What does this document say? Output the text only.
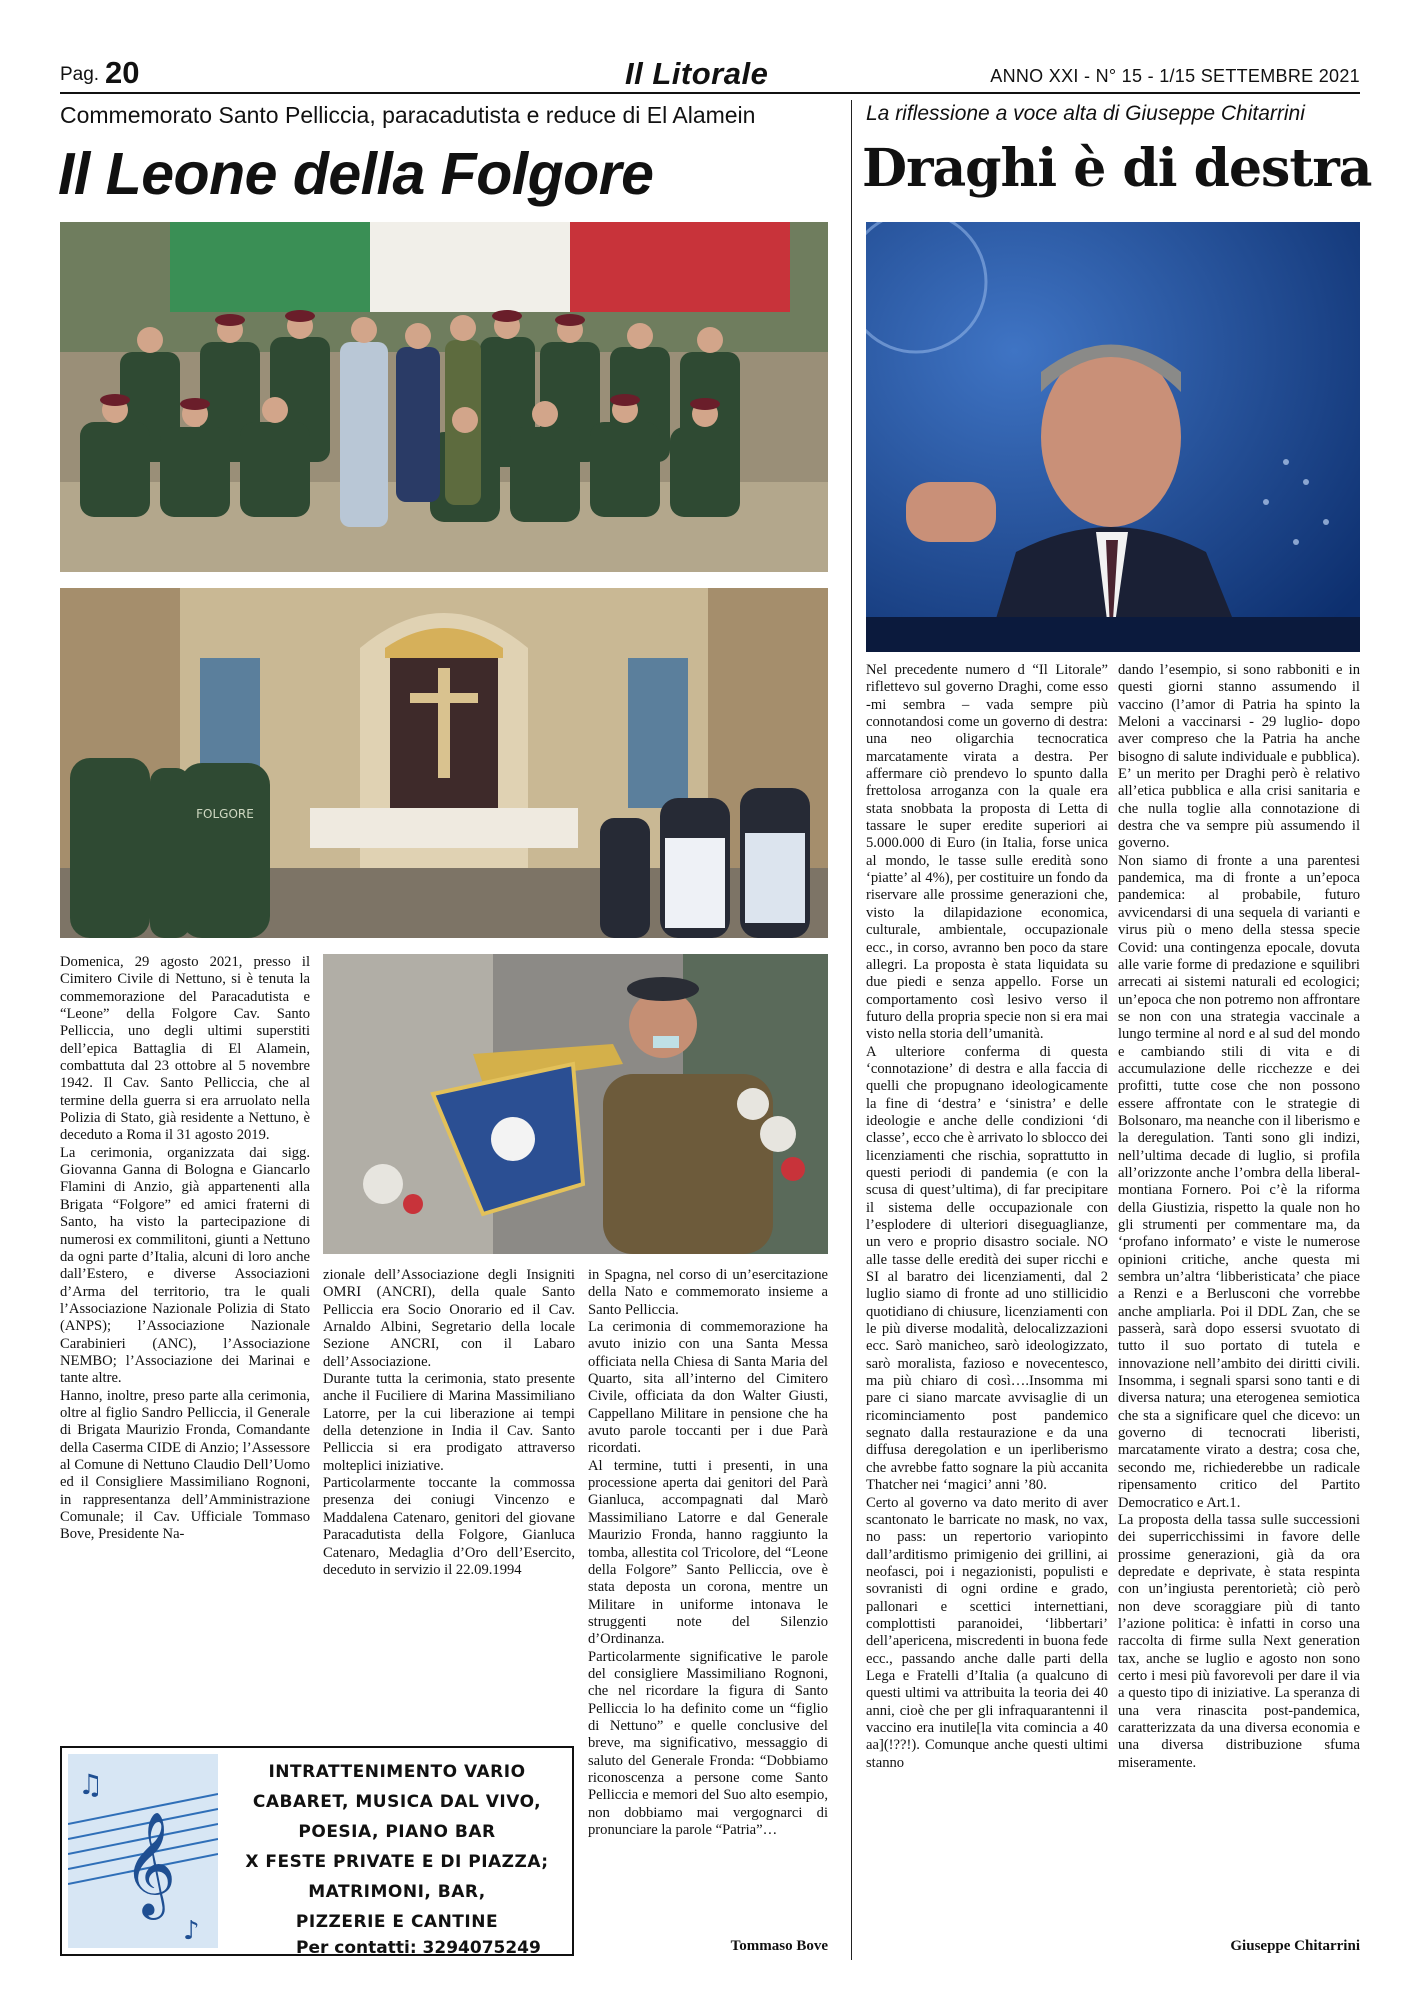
Pag. 20	Il Litorale	ANNO XXI - N° 15 - 1/15 SETTEMBRE 2021
Commemorato Santo Pelliccia, paracadutista e reduce di El Alamein
Il Leone della Folgore
FOLGORE

Domenica, 29 agosto 2021, presso il Cimitero Civile di Nettuno, si è tenuta la commemorazione del Paracadutista e “Leone” della Folgore Cav. Santo Pelliccia, uno degli ultimi superstiti dell’epica Battaglia di El Alamein, combattuta dal 23 ottobre al 5 novembre 1942. Il Cav. Santo Pelliccia, che al termine della guerra si era arruolato nella Polizia di Stato, già residente a Nettuno, è deceduto a Roma il 31 agosto 2019.

La cerimonia, organizzata dai sigg. Giovanna Ganna di Bologna e Giancarlo Flamini di Anzio, già appartenenti alla Brigata “Folgore” ed amici fraterni di Santo, ha visto la partecipazione di numerosi ex commilitoni, giunti a Nettuno da ogni parte d’Italia, alcuni di loro anche dall’Estero, e diverse Associazioni d’Arma del territorio, tra le quali l’Associazione Nazionale Polizia di Stato (ANPS); l’Associazione Nazionale Carabinieri (ANC), l’Associazione NEMBO; l’Associazione dei Marinai e tante altre.

Hanno, inoltre, preso parte alla cerimonia, oltre al figlio Sandro Pelliccia, il Generale di Brigata Maurizio Fronda, Comandante della Caserma CIDE di Anzio; l’Assessore al Comune di Nettuno Claudio Dell’Uomo ed il Consigliere Massimiliano Rognoni, in rappresentanza dell’Amministrazione Comunale; il Cav. Ufficiale Tommaso Bove, Presidente Na-

zionale dell’Associazione degli Insigniti OMRI (ANCRI), della quale Santo Pelliccia era Socio Onorario ed il Cav. Arnaldo Albini, Segretario della locale Sezione ANCRI, con il Labaro dell’Associazione.

Durante tutta la cerimonia, stato presente anche il Fuciliere di Marina Massimiliano Latorre, per la cui liberazione ai tempi della detenzione in India il Cav. Santo Pelliccia si era prodigato attraverso molteplici iniziative.

Particolarmente toccante la commossa presenza dei coniugi Vincenzo e Maddalena Catenaro, genitori del giovane Paracadutista della Folgore, Gianluca Catenaro, Medaglia d’Oro dell’Esercito, deceduto in servizio il 22.09.1994

in Spagna, nel corso di un’esercitazione della Nato e commemorato insieme a Santo Pelliccia.

La cerimonia di commemorazione ha avuto inizio con una Santa Messa officiata nella Chiesa di Santa Maria del Quarto, sita all’interno del Cimitero Civile, officiata da don Walter Giusti, Cappellano Militare in pensione che ha avuto parole toccanti per i due Parà ricordati.

Al termine, tutti i presenti, in una processione aperta dai genitori del Parà Gianluca, accompagnati dal Marò Massimiliano Latorre e dal Generale Maurizio Fronda, hanno raggiunto la tomba, allestita col Tricolore, del “Leone della Folgore” Santo Pelliccia, ove è stata deposta un corona, mentre un Militare in uniforme intonava le struggenti note del Silenzio d’Ordinanza.

Particolarmente significative le parole del consigliere Massimiliano Rognoni, che nel ricordare la figura di Santo Pelliccia lo ha definito come un “figlio di Nettuno” e quelle conclusive del breve, ma significativo, messaggio di saluto del Generale Fronda: “Dobbiamo riconoscenza a persone come Santo Pelliccia e memori del Suo alto esempio, non dobbiamo mai vergognarci di pronunciare la parole “Patria”…

Tommaso Bove
𝄞
♫
♪
INTRATTENIMENTO VARIO
CABARET, MUSICA DAL VIVO,
POESIA, PIANO BAR
X FESTE PRIVATE E DI PIAZZA;
MATRIMONI, BAR,
PIZZERIE E CANTINE
Per contatti: 3294075249
La riflessione a voce alta di Giuseppe Chitarrini
Draghi è di destra

Nel precedente numero d “Il Litorale” riflettevo sul governo Draghi, come esso -mi sembra – vada sempre più connotandosi come un governo di destra: una neo oligarchia tecnocratica marcatamente virata a destra. Per affermare ciò prendevo lo spunto dalla frettolosa arroganza con la quale era stata snobbata la proposta di Letta di tassare le super eredite superiori ai 5.000.000 di Euro (in Italia, forse unica al mondo, le tasse sulle eredità sono ‘piatte’ al 4%), per costituire un fondo da riservare alle prossime generazioni che, visto la dilapidazione economica, culturale, ambientale, occupazionale ecc., in corso, avranno ben poco da stare allegri. La proposta è stata liquidata su due piedi e senza appello. Forse un comportamento così lesivo verso il futuro della propria specie non si era mai visto nella storia dell’umanità.

A ulteriore conferma di questa ‘connotazione’ di destra e alla faccia di quelli che propugnano ideologicamente la fine di ‘destra’ e ‘sinistra’ e delle ideologie e anche delle condizioni ‘di classe’, ecco che è arrivato lo sblocco dei licenziamenti che rischia, soprattutto in questi periodi di pandemia (e con la scusa di quest’ultima), di far precipitare il sistema delle occupazionale con l’esplodere di ulteriori diseguaglianze, un vero e proprio disastro sociale. NO alle tasse delle eredità dei super ricchi e SI al baratro dei licenziamenti, dal 2 luglio siamo di fronte ad uno stillicidio quotidiano di chiusure, licenziamenti con le più diverse modalità, delocalizzazioni ecc. Sarò manicheo, sarò ideologizzato, sarò moralista, fazioso e novecentesco, ma più chiaro di così….Insomma mi pare ci siano marcate avvisaglie di un ricominciamento post pandemico segnato dalla restaurazione e da una diffusa deregolation e un iperliberismo che avrebbe fatto sognare la più accanita Thatcher nei ‘magici’ anni ’80.

Certo al governo va dato merito di aver scantonato le barricate no mask, no vax, no pass: un repertorio variopinto dall’arditismo primigenio dei grillini, ai neofasci, poi i negazionisti, populisti e sovranisti di ogni ordine e grado, pallonari e scettici internettiani, complottisti paranoidei, ‘libbertari’ dell’apericena, miscredenti in buona fede ecc., passando anche dalle parti della Lega e Fratelli d’Italia (a qualcuno di questi ultimi va attribuita la teoria dei 40 anni, cioè che per gli infraquarantenni il vaccino era inutile[la vita comincia a 40 aa](!??!). Comunque anche questi ultimi stanno

dando l’esempio, si sono rabboniti e in questi giorni stanno assumendo il vaccino (l’amor di Patria ha spinto la Meloni a vaccinarsi - 29 luglio- dopo aver compreso che la Patria ha anche bisogno di salute individuale e pubblica). E’ un merito per Draghi però è relativo all’etica pubblica e alla crisi sanitaria e che nulla toglie alla connotazione di destra che va sempre più assumendo il governo.

Non siamo di fronte a una parentesi pandemica, ma di fronte a un’epoca pandemica: al probabile, futuro avvicendarsi di una sequela di varianti e virus più o meno della stessa specie Covid: una contingenza epocale, dovuta alle varie forme di predazione e squilibri arrecati ai sistemi naturali ed ecologici; un’epoca che non potremo non affrontare se non con una strategia vaccinale a lungo termine al nord e al sud del mondo e cambiando stili di vita e di accumulazione delle ricchezze e dei profitti, tutte cose che non possono essere affrontate con le strategie di Bolsonaro, ma neanche con il liberismo e la deregulation. Tanti sono gli indizi, nell’ultima decade di luglio, si profila all’orizzonte anche l’ombra della liberal-montiana Fornero. Poi c’è la riforma della Giustizia, rispetto la quale non ho gli strumenti per commentare ma, da ‘profano informato’ e viste le numerose opinioni critiche, anche questa mi sembra un’altra ‘libberisticata’ che piace a Renzi e a Berlusconi che vorrebbe anche ampliarla. Poi il DDL Zan, che se passerà, sarà dopo essersi svuotato di tutto il suo portato di tutela e innovazione nell’ambito dei diritti civili. Insomma, i segnali sparsi sono tanti e di diversa natura; una eterogenea semiotica che sta a significare quel che dicevo: un governo di tecnocrati liberisti, marcatamente virato a destra; cosa che, secondo me, richiederebbe un radicale ripensamento critico del Partito Democratico e Art.1.

La proposta della tassa sulle successioni dei superricchissimi in favore delle prossime generazioni, già da ora depredate e deprivate, è stata respinta con un’ingiusta perentorietà; ciò però non deve scoraggiare più di tanto l’azione politica: è infatti in corso una raccolta di firme sulla Next generation tax, anche se luglio e agosto non sono certo i mesi più favorevoli per dare il via a questo tipo di iniziative. La speranza di una vera rinascita post-pandemica, caratterizzata da una diversa economia e una diversa distribuzione sfuma miseramente.

Giuseppe Chitarrini
